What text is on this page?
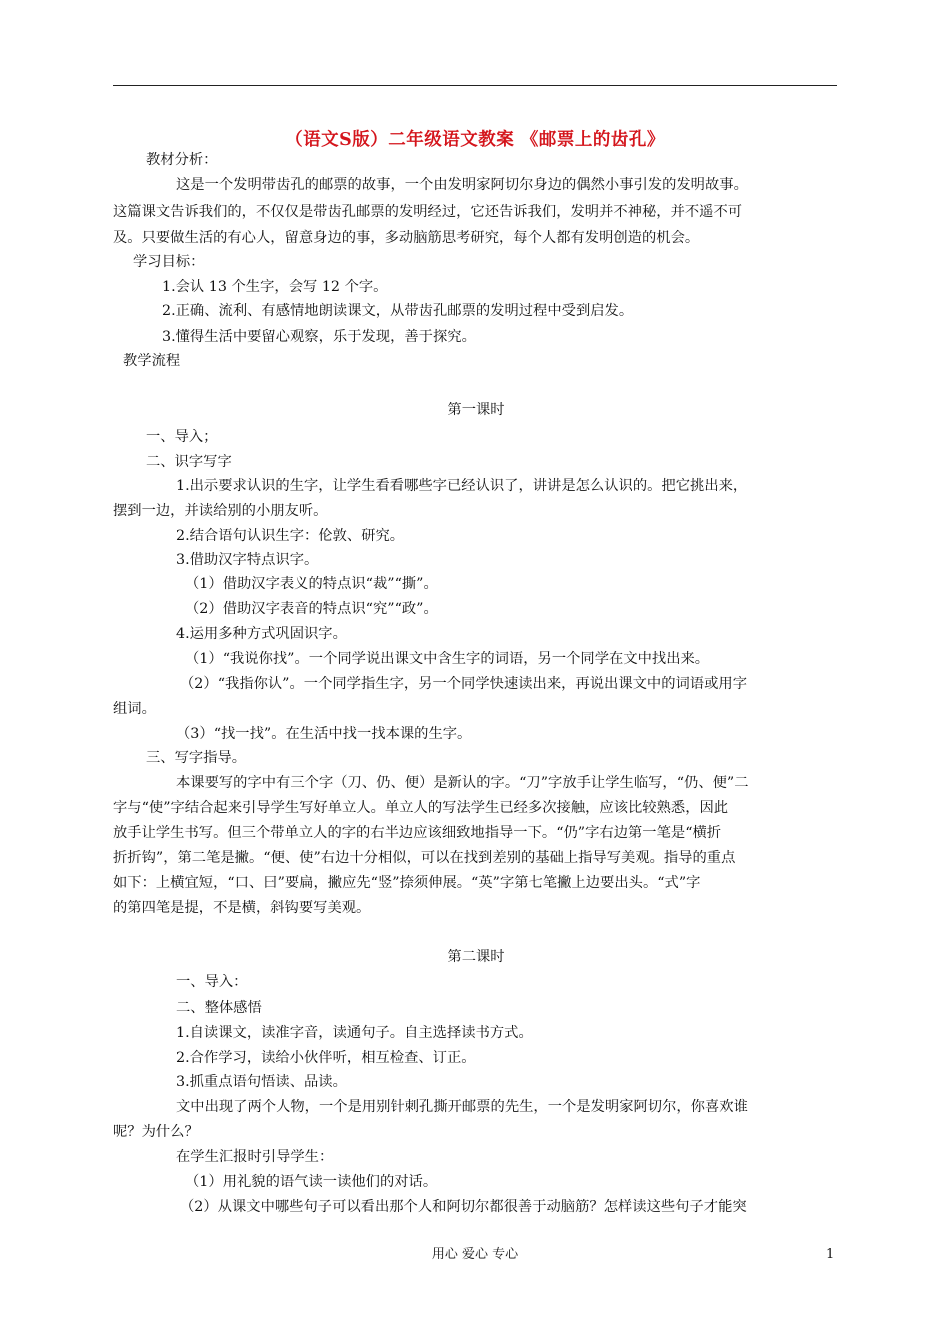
（语文S版）二年级语文教案 《邮票上的齿孔》
教材分析：
这是一个发明带齿孔的邮票的故事，一个由发明家阿切尔身边的偶然小事引发的发明故事。
这篇课文告诉我们的，不仅仅是带齿孔邮票的发明经过，它还告诉我们，发明并不神秘，并不遥不可
及。只要做生活的有心人，留意身边的事，多动脑筋思考研究，每个人都有发明创造的机会。
学习目标：
1.会认 13 个生字，会写 12 个字。
2.正确、流利、有感情地朗读课文，从带齿孔邮票的发明过程中受到启发。
3.懂得生活中要留心观察，乐于发现，善于探究。
教学流程
第一课时
一、导入；
二、识字写字
1.出示要求认识的生字，让学生看看哪些字已经认识了，讲讲是怎么认识的。把它挑出来，
摆到一边，并读给别的小朋友听。
2.结合语句认识生字：伦敦、研究。
3.借助汉字特点识字。
（1）借助汉字表义的特点识“裁”“撕”。
（2）借助汉字表音的特点识“究”“政”。
4.运用多种方式巩固识字。
（1）“我说你找”。一个同学说出课文中含生字的词语，另一个同学在文中找出来。
（2）“我指你认”。一个同学指生字，另一个同学快速读出来，再说出课文中的词语或用字
组词。
（3）“找一找”。在生活中找一找本课的生字。
三、写字指导。
本课要写的字中有三个字（刀、仍、便）是新认的字。“刀”字放手让学生临写，“仍、便”二
字与“使”字结合起来引导学生写好单立人。单立人的写法学生已经多次接触，应该比较熟悉，因此
放手让学生书写。但三个带单立人的字的右半边应该细致地指导一下。“仍”字右边第一笔是“横折
折折钩”，第二笔是撇。“便、使”右边十分相似，可以在找到差别的基础上指导写美观。指导的重点
如下：上横宜短，“口、曰”要扁，撇应先“竖”捺须伸展。“英”字第七笔撇上边要出头。“式”字
的第四笔是提，不是横，斜钩要写美观。
第二课时
一、导入：
二、整体感悟
1.自读课文，读准字音，读通句子。自主选择读书方式。
2.合作学习，读给小伙伴听，相互检查、订正。
3.抓重点语句悟读、品读。
文中出现了两个人物，一个是用别针刺孔撕开邮票的先生，一个是发明家阿切尔，你喜欢谁
呢？为什么？
在学生汇报时引导学生：
（1）用礼貌的语气读一读他们的对话。
（2）从课文中哪些句子可以看出那个人和阿切尔都很善于动脑筋？怎样读这些句子才能突
用心 爱心 专心	1
